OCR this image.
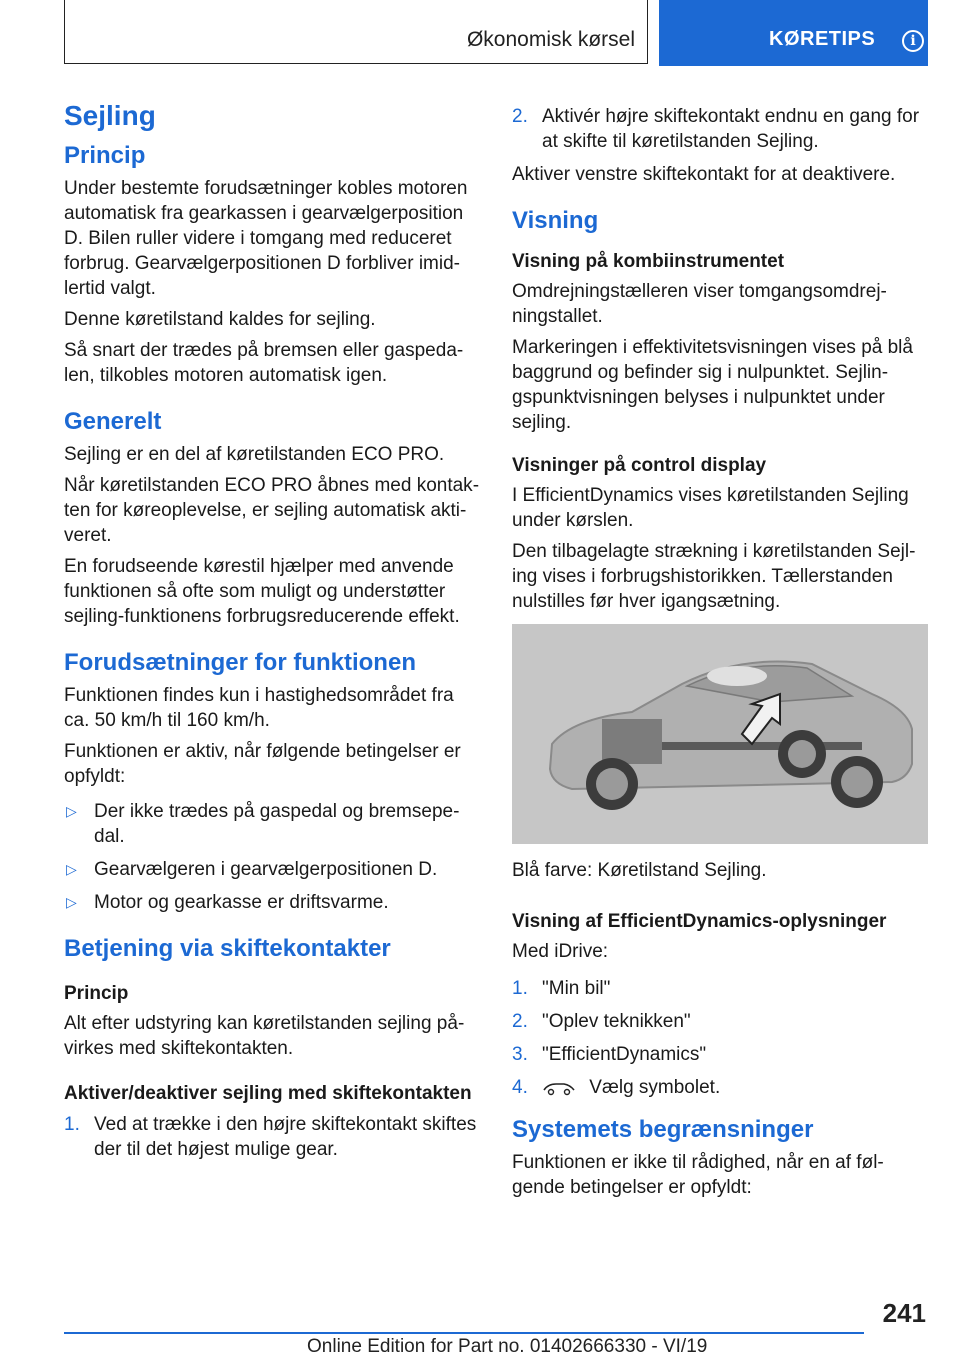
Økonomisk kørsel	KØRETIPS	i
Sejling
Princip

Under bestemte forudsætninger kobles motoren automatisk fra gearkassen i gearvælgerposition D. Bilen ruller videre i tomgang med reduceret forbrug. Gearvælgerpositionen D forbliver imidlertid valgt.

Denne køretilstand kaldes for sejling.

Så snart der trædes på bremsen eller gaspedalen, tilkobles motoren automatisk igen.

Generelt

Sejling er en del af køretilstanden ECO PRO.

Når køretilstanden ECO PRO åbnes med kontakten for køreoplevelse, er sejling automatisk aktiveret.

En forudseende kørestil hjælper med anvende funktionen så ofte som muligt og understøtter sejling-funktionens forbrugsreducerende effekt.

Forudsætninger for funktionen

Funktionen findes kun i hastighedsområdet fra ca. 50 km/h til 160 km/h.

Funktionen er aktiv, når følgende betingelser er opfyldt:

▷ Der ikke trædes på gaspedal og bremsepedal.
▷ Gearvælgeren i gearvælgerpositionen D.
▷ Motor og gearkasse er driftsvarme.
Betjening via skiftekontakter
Princip

Alt efter udstyring kan køretilstanden sejling påvirkes med skiftekontakten.

Aktiver/deaktiver sejling med skiftekontakten
1. Ved at trække i den højre skiftekontakt skiftes der til det højest mulige gear.
2. Aktivér højre skiftekontakt endnu en gang for at skifte til køretilstanden Sejling.

Aktiver venstre skiftekontakt for at deaktivere.

Visning
Visning på kombiinstrumentet

Omdrejningstælleren viser tomgangsomdrejningstallet.

Markeringen i effektivitetsvisningen vises på blå baggrund og befinder sig i nulpunktet. Sejlingspunktvisningen belyses i nulpunktet under sejling.

Visninger på control display

I EfficientDynamics vises køretilstanden Sejling under kørslen.

Den tilbagelagte strækning i køretilstanden Sejling vises i forbrugshistorikken. Tællerstanden nulstilles før hver igangsætning.

Blå farve: Køretilstand Sejling.

Visning af EfficientDynamics-oplysninger

Med iDrive:

1. "Min bil"
2. "Oplev teknikken"
3. "EfficientDynamics"
4.	Vælg symbolet.
Systemets begrænsninger

Funktionen er ikke til rådighed, når en af følgende betingelser er opfyldt:

241
Online Edition for Part no. 01402666330 - VI/19
